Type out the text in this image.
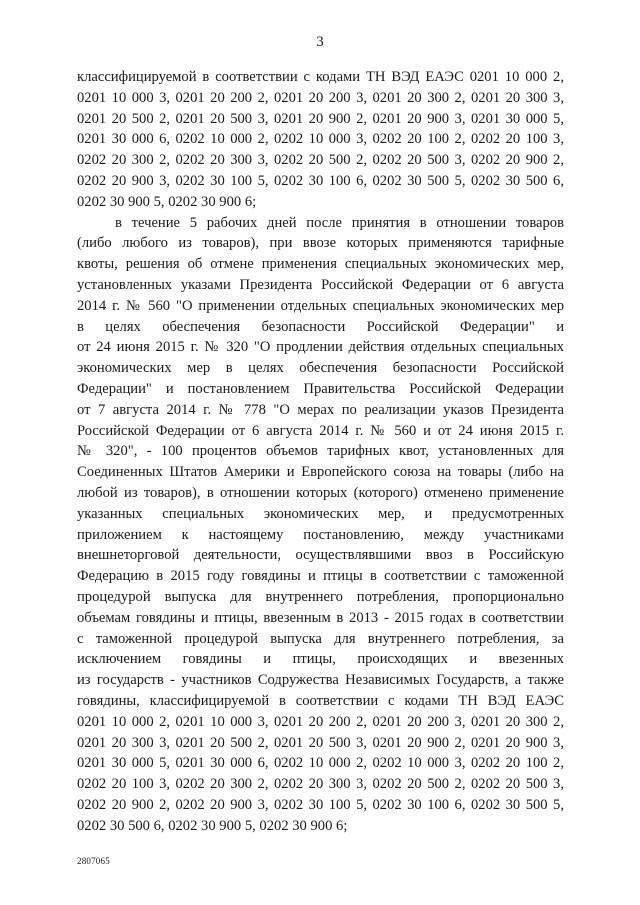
3
классифицируемой в соответствии с кодами ТН ВЭД ЕАЭС 0201 10 000 2,
0201 10 000 3, 0201 20 200 2, 0201 20 200 3, 0201 20 300 2, 0201 20 300 3,
0201 20 500 2, 0201 20 500 3, 0201 20 900 2, 0201 20 900 3, 0201 30 000 5,
0201 30 000 6, 0202 10 000 2, 0202 10 000 3, 0202 20 100 2, 0202 20 100 3,
0202 20 300 2, 0202 20 300 3, 0202 20 500 2, 0202 20 500 3, 0202 20 900 2,
0202 20 900 3, 0202 30 100 5, 0202 30 100 6, 0202 30 500 5, 0202 30 500 6,
0202 30 900 5, 0202 30 900 6;
в течение 5 рабочих дней после принятия в отношении товаров
(либо любого из товаров), при ввозе которых применяются тарифные
квоты, решения об отмене применения специальных экономических мер,
установленных указами Президента Российской Федерации от 6 августа
2014 г. № 560 "О применении отдельных специальных экономических мер
в целях обеспечения безопасности Российской Федерации" и
от 24 июня 2015 г. № 320 "О продлении действия отдельных специальных
экономических мер в целях обеспечения безопасности Российской
Федерации" и постановлением Правительства Российской Федерации
от 7 августа 2014 г. № 778 "О мерах по реализации указов Президента
Российской Федерации от 6 августа 2014 г. № 560 и от 24 июня 2015 г.
№ 320", - 100 процентов объемов тарифных квот, установленных для
Соединенных Штатов Америки и Европейского союза на товары (либо на
любой из товаров), в отношении которых (которого) отменено применение
указанных специальных экономических мер, и предусмотренных
приложением к настоящему постановлению, между участниками
внешнеторговой деятельности, осуществлявшими ввоз в Российскую
Федерацию в 2015 году говядины и птицы в соответствии с таможенной
процедурой выпуска для внутреннего потребления, пропорционально
объемам говядины и птицы, ввезенным в 2013 - 2015 годах в соответствии
с таможенной процедурой выпуска для внутреннего потребления, за
исключением говядины и птицы, происходящих и ввезенных
из государств - участников Содружества Независимых Государств, а также
говядины, классифицируемой в соответствии с кодами ТН ВЭД ЕАЭС
0201 10 000 2, 0201 10 000 3, 0201 20 200 2, 0201 20 200 3, 0201 20 300 2,
0201 20 300 3, 0201 20 500 2, 0201 20 500 3, 0201 20 900 2, 0201 20 900 3,
0201 30 000 5, 0201 30 000 6, 0202 10 000 2, 0202 10 000 3, 0202 20 100 2,
0202 20 100 3, 0202 20 300 2, 0202 20 300 3, 0202 20 500 2, 0202 20 500 3,
0202 20 900 2, 0202 20 900 3, 0202 30 100 5, 0202 30 100 6, 0202 30 500 5,
0202 30 500 6, 0202 30 900 5, 0202 30 900 6;
2807065
